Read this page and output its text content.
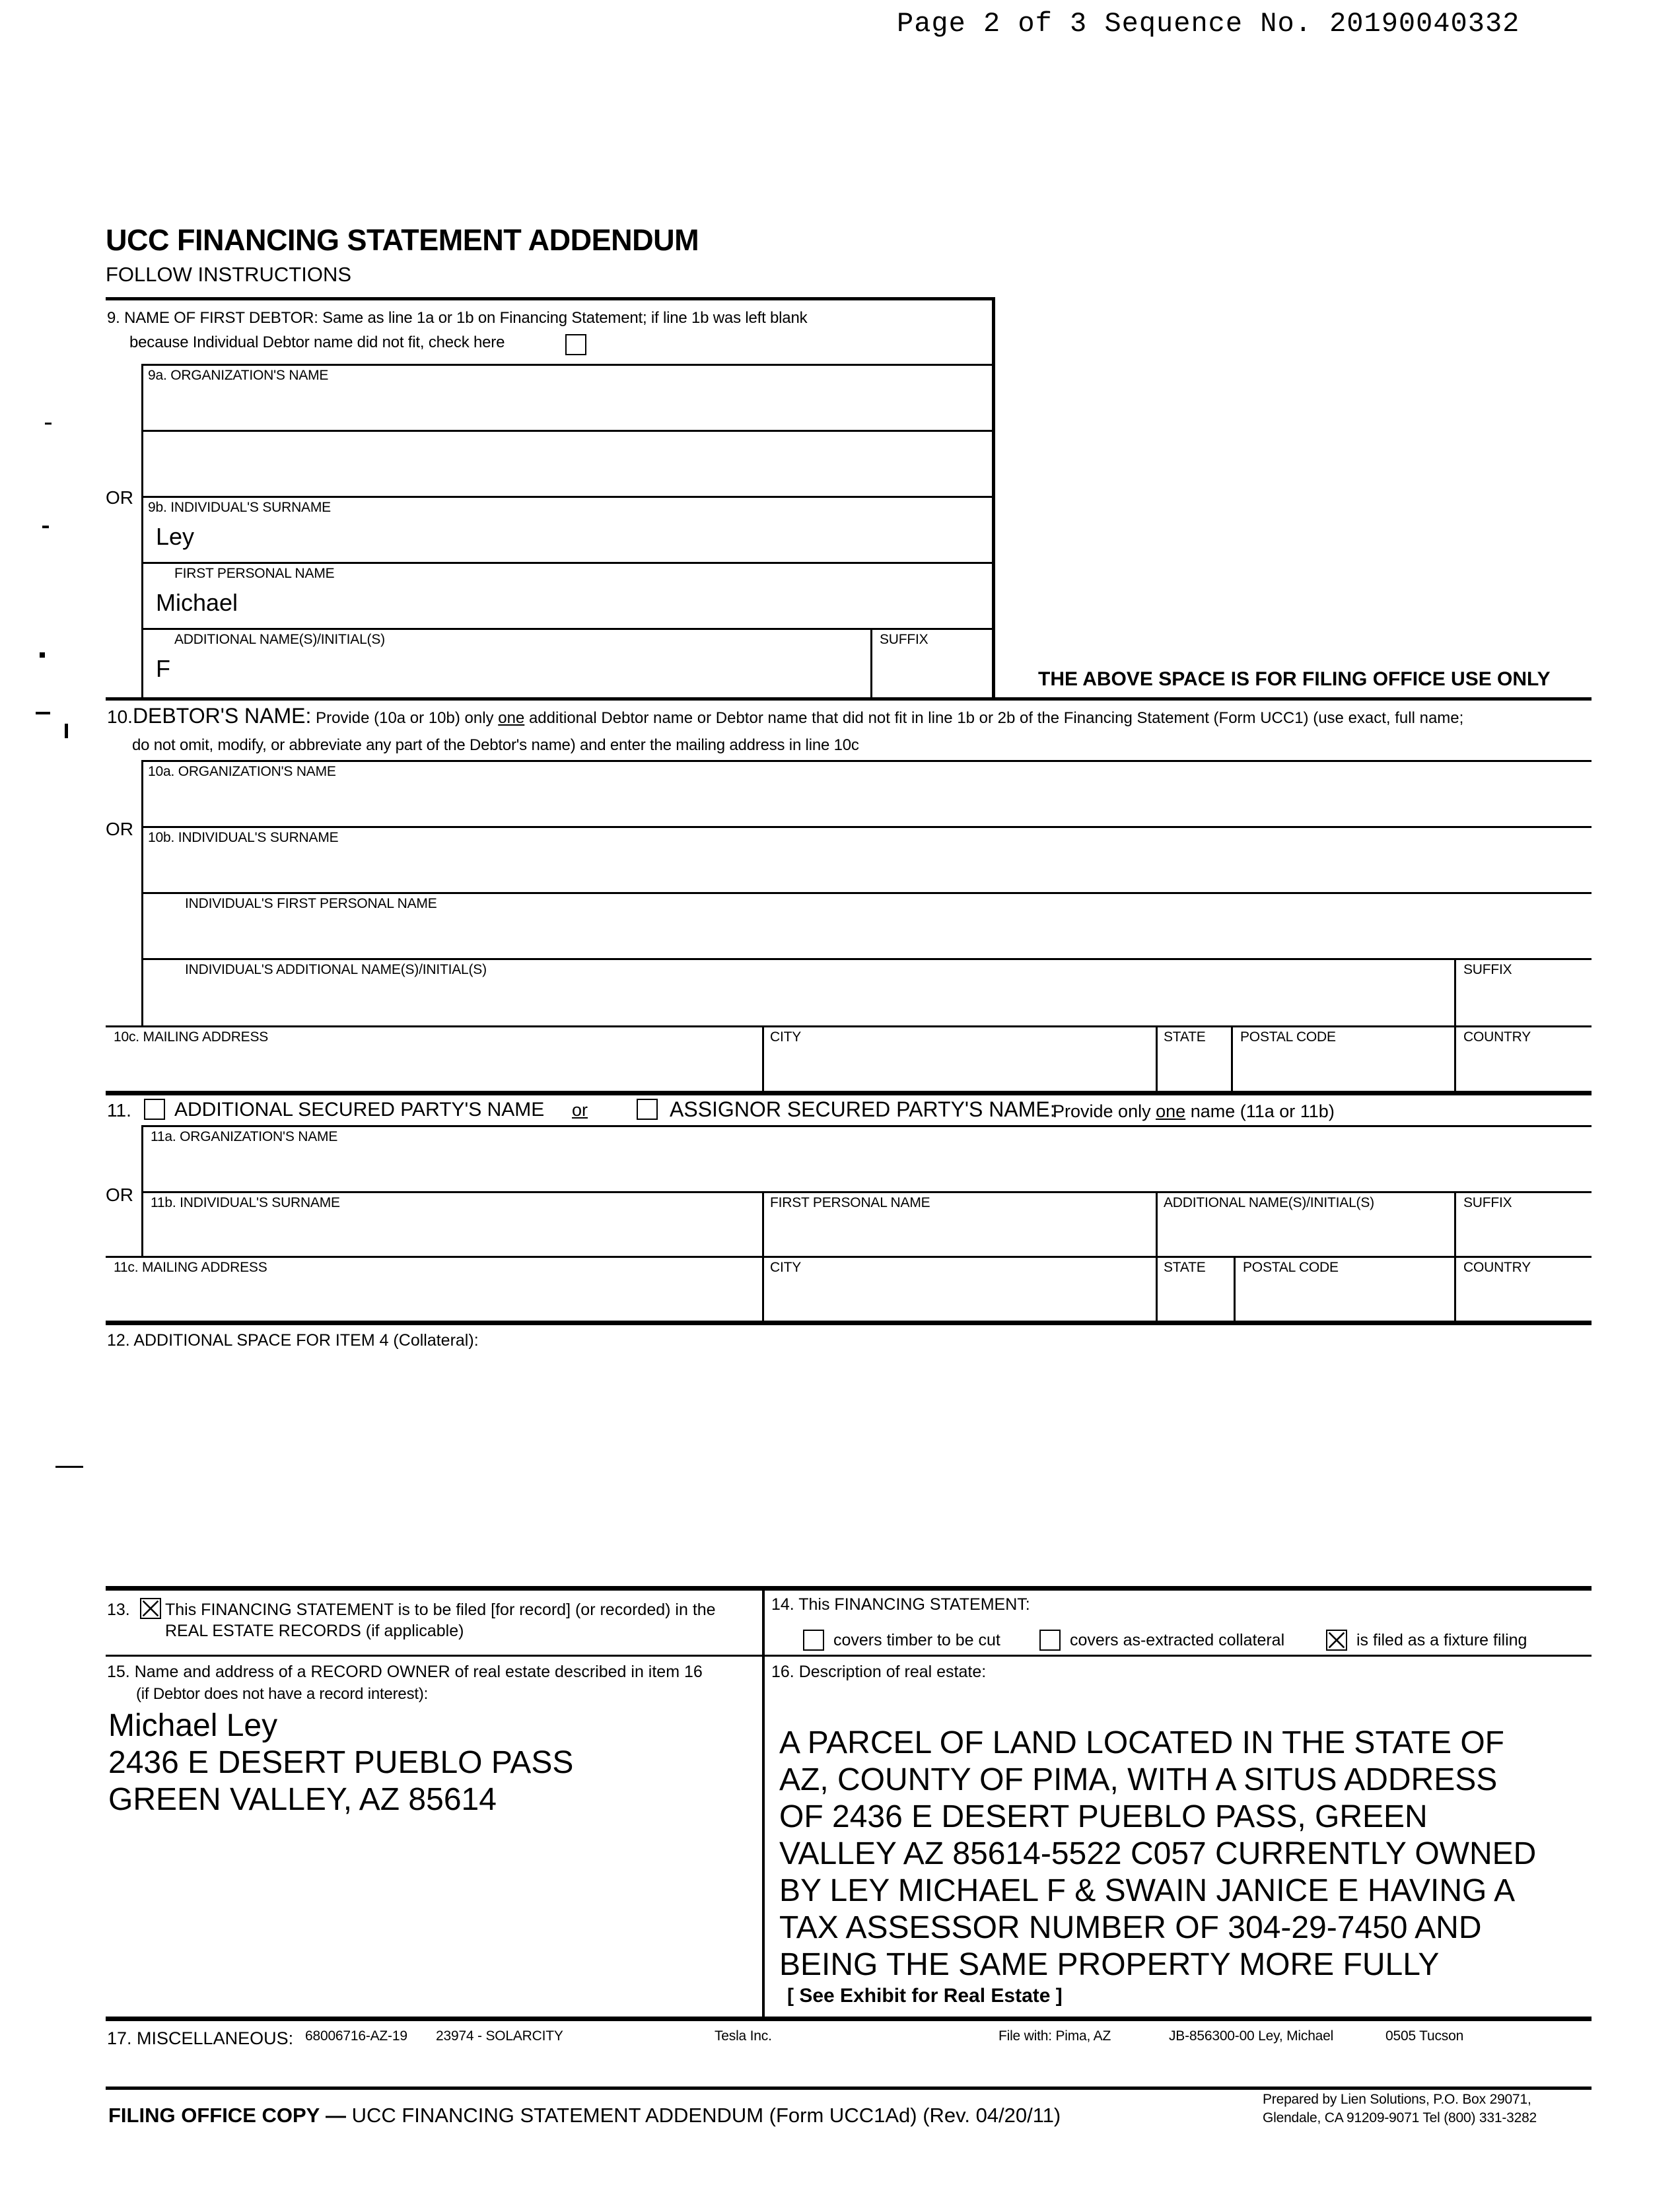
Page 2 of 3 Sequence No. 20190040332
UCC FINANCING STATEMENT ADDENDUM
FOLLOW INSTRUCTIONS
9. NAME OF FIRST DEBTOR: Same as line 1a or 1b on Financing Statement; if line 1b was left blank
because Individual Debtor name did not fit, check here
9a. ORGANIZATION'S NAME
OR 9b. INDIVIDUAL'S SURNAME
Ley
FIRST PERSONAL NAME
Michael
ADDITIONAL NAME(S)/INITIAL(S)
F
SUFFIX
THE ABOVE SPACE IS FOR FILING OFFICE USE ONLY
10.DEBTOR'S NAME: Provide (10a or 10b) only one additional Debtor name or Debtor name that did not fit in line 1b or 2b of the Financing Statement (Form UCC1) (use exact, full name;
do not omit, modify, or abbreviate any part of the Debtor's name) and enter the mailing address in line 10c
10a. ORGANIZATION'S NAME
OR 10b. INDIVIDUAL'S SURNAME
INDIVIDUAL'S FIRST PERSONAL NAME
INDIVIDUAL'S ADDITIONAL NAME(S)/INITIAL(S)	SUFFIX
10c. MAILING ADDRESS	CITY	STATE POSTAL CODE	COUNTRY
11. ADDITIONAL SECURED PARTY'S NAME or	ASSIGNOR SECURED PARTY'S NAME:
Provide only one name (11a or 11b)
11a. ORGANIZATION'S NAME
OR 11b. INDIVIDUAL'S SURNAME	FIRST PERSONAL NAME	ADDITIONAL NAME(S)/INITIAL(S)	SUFFIX
11c. MAILING ADDRESS	CITY	STATE	POSTAL CODE	COUNTRY
12. ADDITIONAL SPACE FOR ITEM 4 (Collateral):
13. This FINANCING STATEMENT is to be filed [for record] (or recorded) in the
REAL ESTATE RECORDS (if applicable)
14. This FINANCING STATEMENT:
covers timber to be cut	covers as-extracted collateral	is filed as a fixture filing
15. Name and address of a RECORD OWNER of real estate described in item 16
(if Debtor does not have a record interest):
Michael Ley
2436 E DESERT PUEBLO PASS
GREEN VALLEY, AZ 85614
16. Description of real estate:
A PARCEL OF LAND LOCATED IN THE STATE OF
AZ, COUNTY OF PIMA, WITH A SITUS ADDRESS
OF 2436 E DESERT PUEBLO PASS, GREEN
VALLEY AZ 85614-5522 C057 CURRENTLY OWNED
BY LEY MICHAEL F & SWAIN JANICE E HAVING A
TAX ASSESSOR NUMBER OF 304-29-7450 AND
BEING THE SAME PROPERTY MORE FULLY
[ See Exhibit for Real Estate ]
17. MISCELLANEOUS: 68006716-AZ-19 23974 - SOLARCITY	Tesla Inc.	File with: Pima, AZ	JB-856300-00 Ley, Michael	0505 Tucson
FILING OFFICE COPY — UCC FINANCING STATEMENT ADDENDUM (Form UCC1Ad) (Rev. 04/20/11)
Prepared by Lien Solutions, P.O. Box 29071,
Glendale, CA 91209-9071 Tel (800) 331-3282
